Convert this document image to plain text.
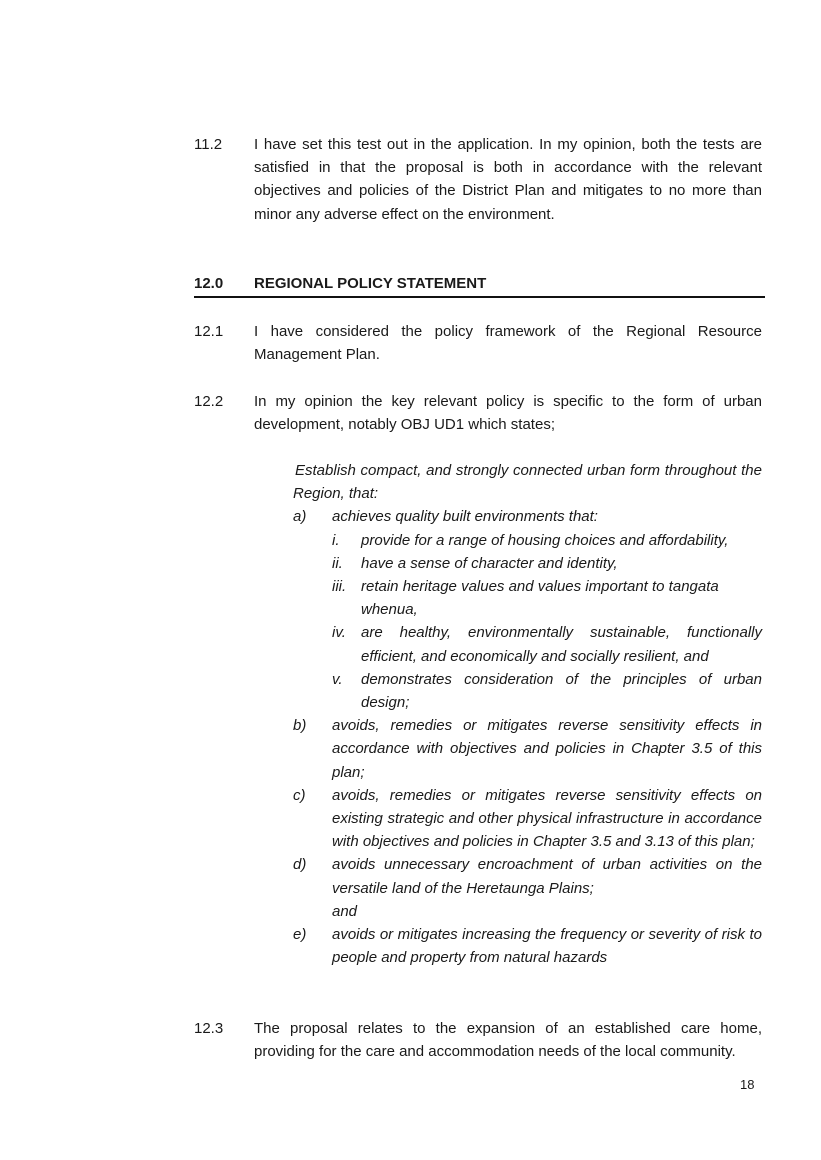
11.2 I have set this test out in the application. In my opinion, both the tests are satisfied in that the proposal is both in accordance with the relevant objectives and policies of the District Plan and mitigates to no more than minor any adverse effect on the environment.
12.0 REGIONAL POLICY STATEMENT
12.1 I have considered the policy framework of the Regional Resource Management Plan.
12.2 In my opinion the key relevant policy is specific to the form of urban development, notably OBJ UD1 which states;
Establish compact, and strongly connected urban form throughout the Region, that:
a) achieves quality built environments that:
i. provide for a range of housing choices and affordability,
ii. have a sense of character and identity,
iii. retain heritage values and values important to tangata whenua,
iv. are healthy, environmentally sustainable, functionally efficient, and economically and socially resilient, and
v. demonstrates consideration of the principles of urban design;
b) avoids, remedies or mitigates reverse sensitivity effects in accordance with objectives and policies in Chapter 3.5 of this plan;
c) avoids, remedies or mitigates reverse sensitivity effects on existing strategic and other physical infrastructure in accordance with objectives and policies in Chapter 3.5 and 3.13 of this plan;
d) avoids unnecessary encroachment of urban activities on the versatile land of the Heretaunga Plains;
and
e) avoids or mitigates increasing the frequency or severity of risk to people and property from natural hazards
12.3 The proposal relates to the expansion of an established care home, providing for the care and accommodation needs of the local community.
18
